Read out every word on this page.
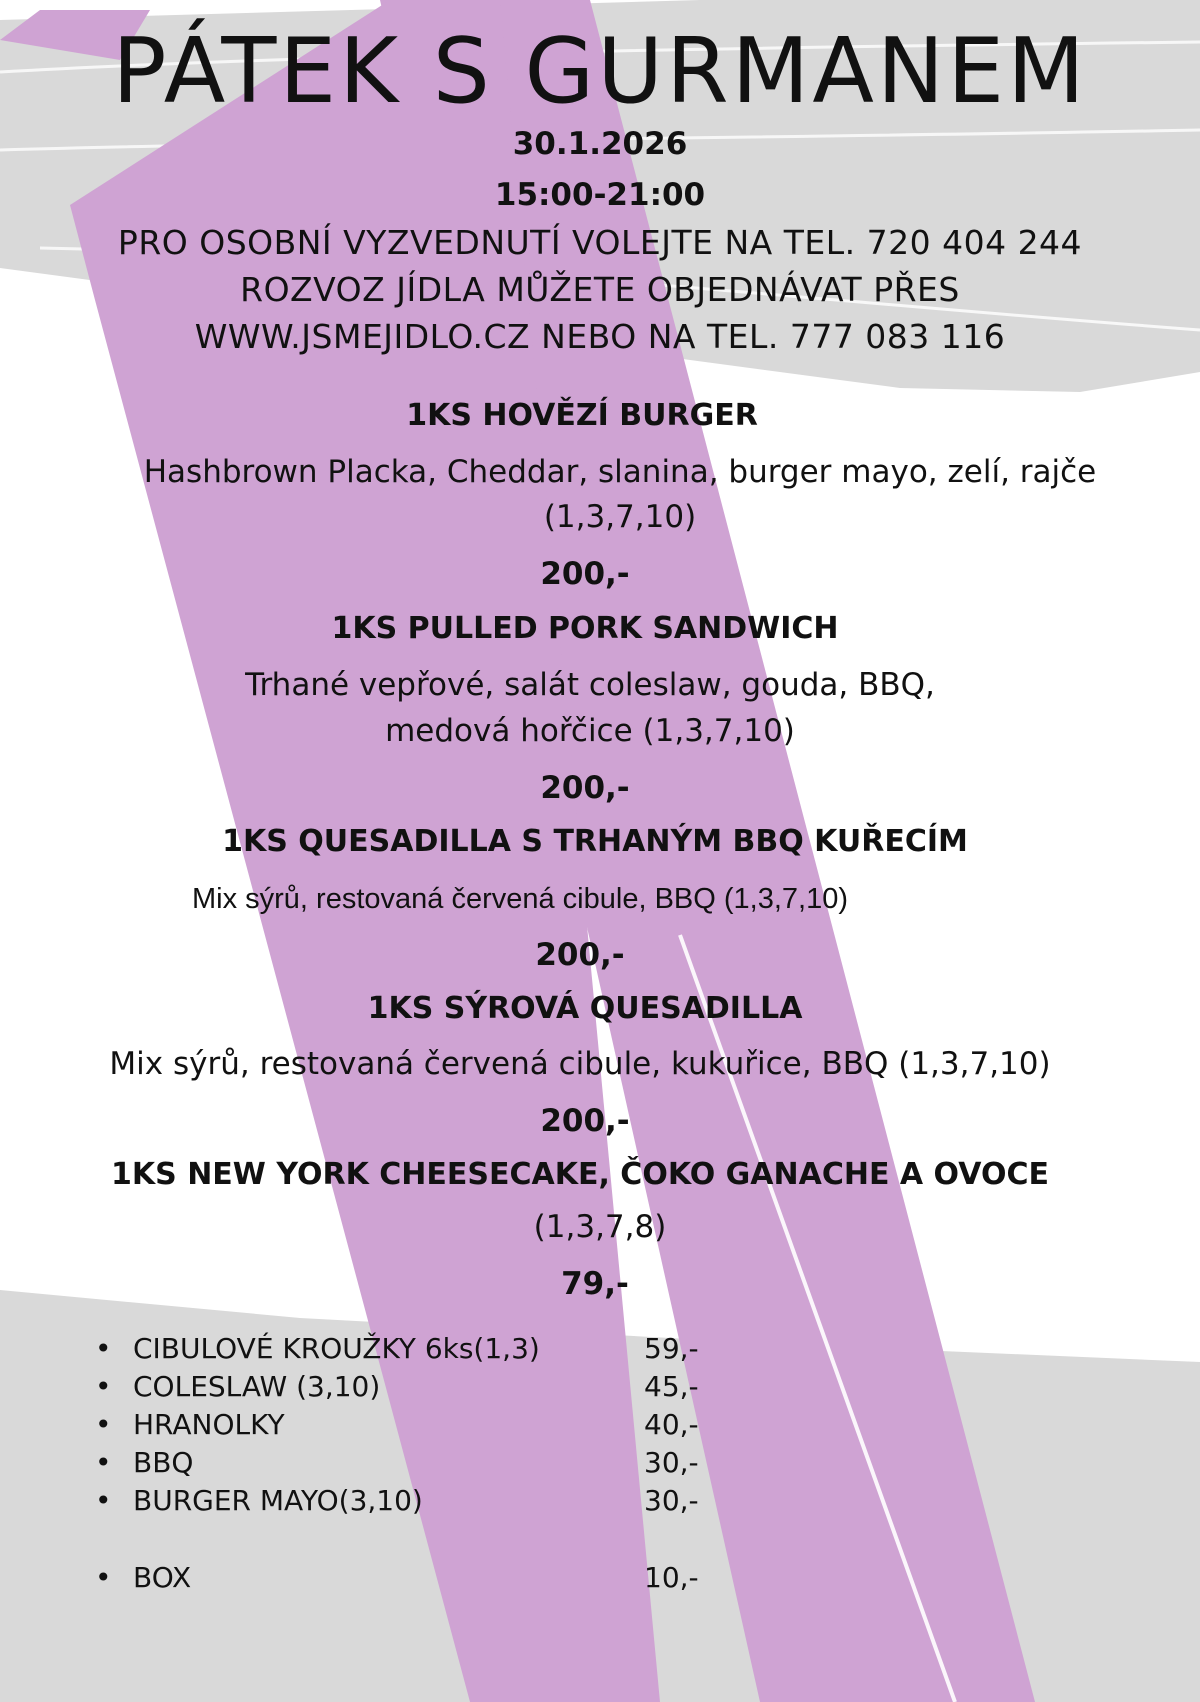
PÁTEK S GURMANEM
30.1.2026
15:00-21:00
PRO OSOBNÍ VYZVEDNUTÍ VOLEJTE NA TEL. 720 404 244
ROZVOZ JÍDLA MŮŽETE OBJEDNÁVAT PŘES
WWW.JSMEJIDLO.CZ NEBO NA TEL. 777 083 116
1KS HOVĚZÍ BURGER
Hashbrown Placka, Cheddar, slanina, burger mayo, zelí, rajče
(1,3,7,10)
200,-
1KS PULLED PORK SANDWICH
Trhané vepřové, salát coleslaw, gouda, BBQ,
medová hořčice (1,3,7,10)
200,-
1KS QUESADILLA S TRHANÝM BBQ KUŘECÍM
Mix sýrů, restovaná červená cibule, BBQ (1,3,7,10)
200,-
1KS SÝROVÁ QUESADILLA
Mix sýrů, restovaná červená cibule, kukuřice, BBQ (1,3,7,10)
200,-
1KS NEW YORK CHEESECAKE, ČOKO GANACHE A OVOCE
(1,3,7,8)
79,-
• CIBULOVÉ KROUŽKY 6ks(1,3)	59,-
• COLESLAW (3,10)	45,-
• HRANOLKY	40,-
• BBQ	30,-
• BURGER MAYO(3,10)	30,-
• BOX	10,-
